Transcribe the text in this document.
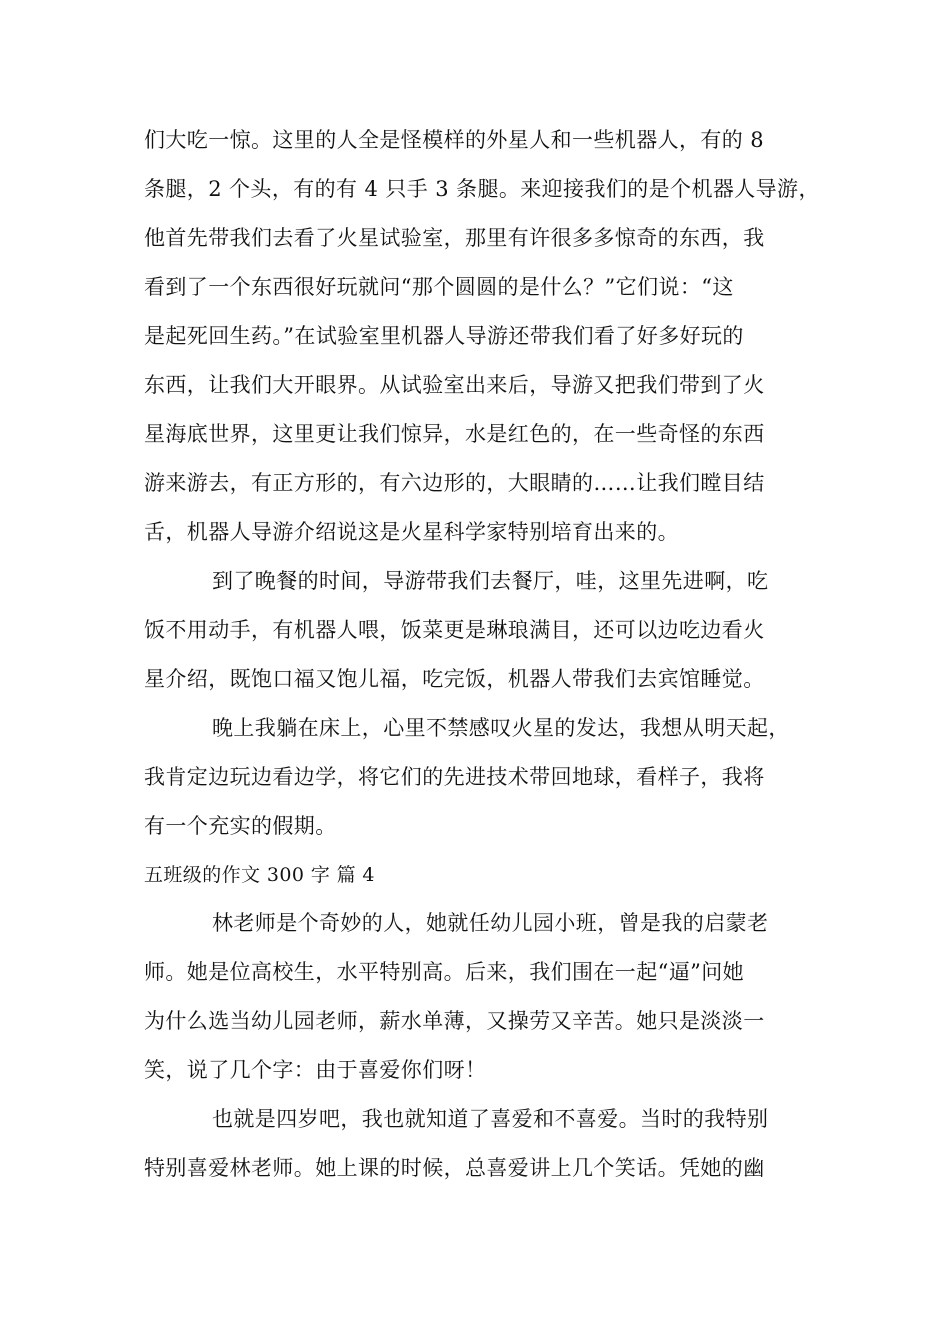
们大吃一惊。这里的人全是怪模样的外星人和一些机器人，有的 8
条腿，2 个头，有的有 4 只手 3 条腿。来迎接我们的是个机器人导游，
他首先带我们去看了火星试验室，那里有许很多多惊奇的东西，我
看到了一个东西很好玩就问“那个圆圆的是什么？”它们说：“这
是起死回生药。”在试验室里机器人导游还带我们看了好多好玩的
东西，让我们大开眼界。从试验室出来后，导游又把我们带到了火
星海底世界，这里更让我们惊异，水是红色的，在一些奇怪的东西
游来游去，有正方形的，有六边形的，大眼睛的……让我们瞠目结
舌，机器人导游介绍说这是火星科学家特别培育出来的。
到了晚餐的时间，导游带我们去餐厅，哇，这里先进啊，吃
饭不用动手，有机器人喂，饭菜更是琳琅满目，还可以边吃边看火
星介绍，既饱口福又饱儿福，吃完饭，机器人带我们去宾馆睡觉。
晚上我躺在床上，心里不禁感叹火星的发达，我想从明天起，
我肯定边玩边看边学，将它们的先进技术带回地球，看样子，我将
有一个充实的假期。
五班级的作文 300 字 篇 4
林老师是个奇妙的人，她就任幼儿园小班，曾是我的启蒙老
师。她是位高校生，水平特别高。后来，我们围在一起“逼”问她
为什么选当幼儿园老师，薪水单薄，又操劳又辛苦。她只是淡淡一
笑，说了几个字：由于喜爱你们呀！
也就是四岁吧，我也就知道了喜爱和不喜爱。当时的我特别
特别喜爱林老师。她上课的时候，总喜爱讲上几个笑话。凭她的幽
